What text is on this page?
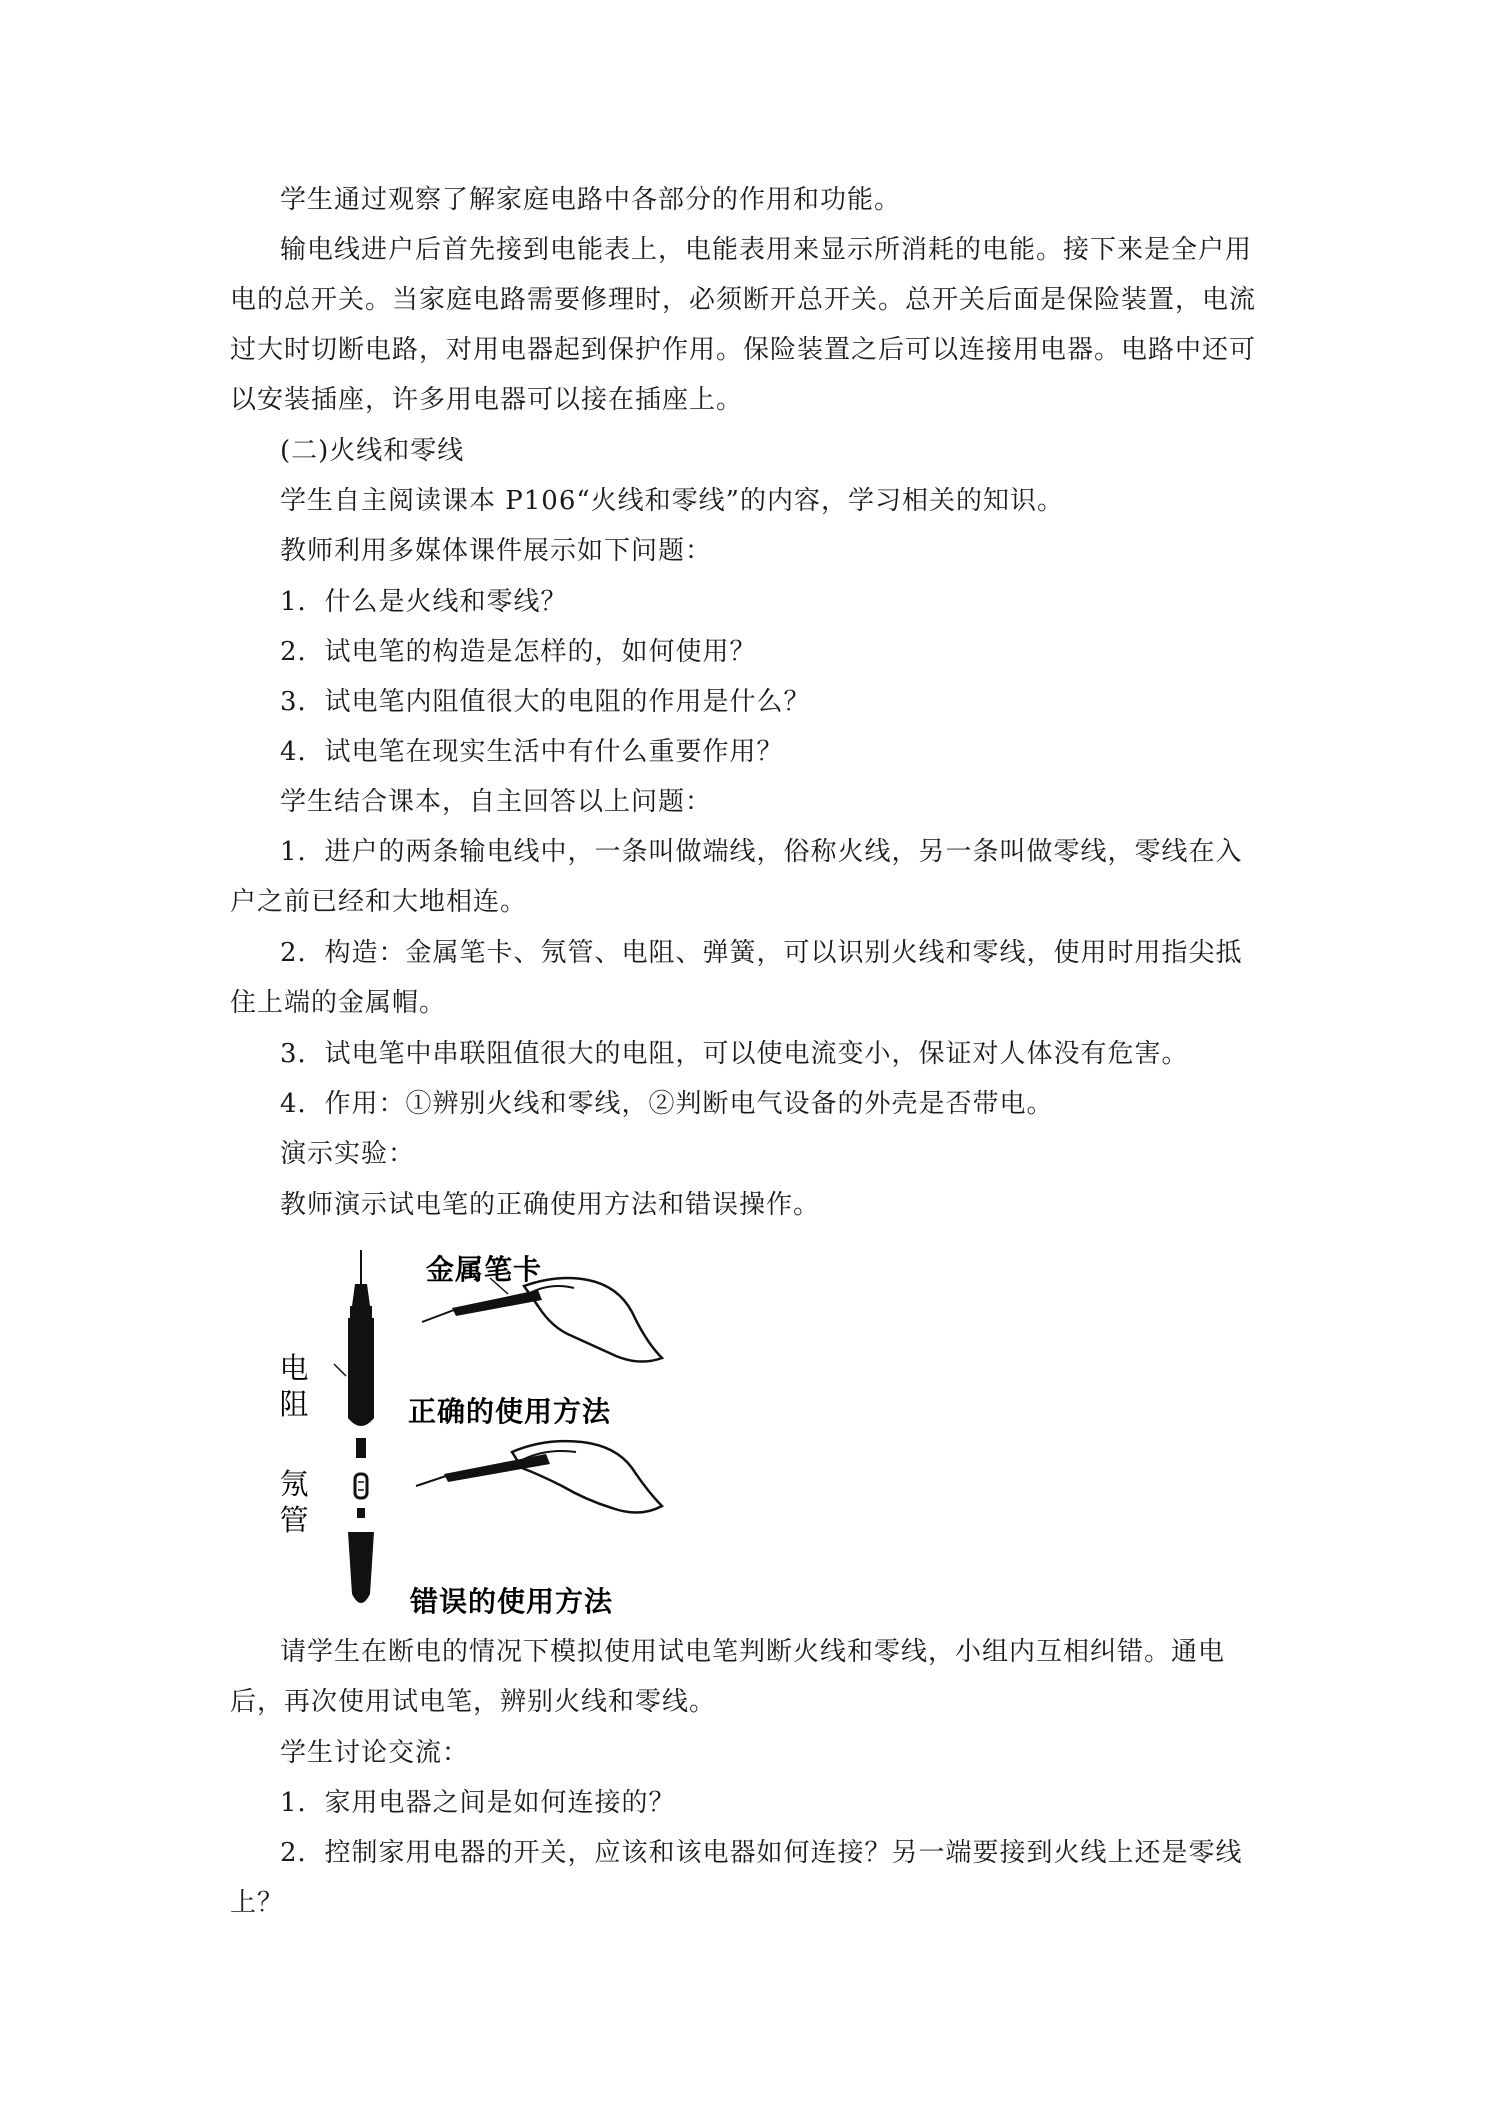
学生通过观察了解家庭电路中各部分的作用和功能。
输电线进户后首先接到电能表上，电能表用来显示所消耗的电能。接下来是全户用电的总开关。当家庭电路需要修理时，必须断开总开关。总开关后面是保险装置，电流过大时切断电路，对用电器起到保护作用。保险装置之后可以连接用电器。电路中还可以安装插座，许多用电器可以接在插座上。
(二)火线和零线
学生自主阅读课本 P106“火线和零线”的内容，学习相关的知识。
教师利用多媒体课件展示如下问题：
1．什么是火线和零线？
2．试电笔的构造是怎样的，如何使用？
3．试电笔内阻值很大的电阻的作用是什么？
4．试电笔在现实生活中有什么重要作用？
学生结合课本，自主回答以上问题：
1．进户的两条输电线中，一条叫做端线，俗称火线，另一条叫做零线，零线在入户之前已经和大地相连。
2．构造：金属笔卡、氖管、电阻、弹簧，可以识别火线和零线，使用时用指尖抵住上端的金属帽。
3．试电笔中串联阻值很大的电阻，可以使电流变小，保证对人体没有危害。
4．作用：①辨别火线和零线，②判断电气设备的外壳是否带电。
演示实验：
教师演示试电笔的正确使用方法和错误操作。
金属笔卡
电阻
氖管
正确的使用方法
错误的使用方法
请学生在断电的情况下模拟使用试电笔判断火线和零线，小组内互相纠错。通电后，再次使用试电笔，辨别火线和零线。
学生讨论交流：
1．家用电器之间是如何连接的？
2．控制家用电器的开关，应该和该电器如何连接？另一端要接到火线上还是零线上？
